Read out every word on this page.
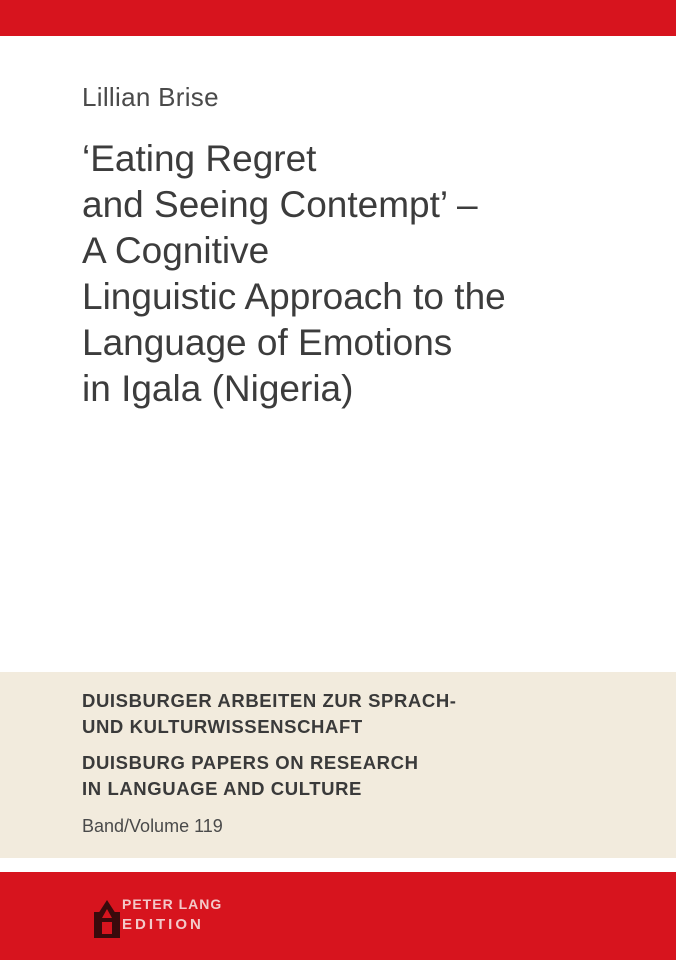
Lillian Brise
‘Eating Regret
and Seeing Contempt’ –
A Cognitive
Linguistic Approach to the
Language of Emotions
in Igala (Nigeria)
DUISBURGER ARBEITEN ZUR SPRACH-
UND KULTURWISSENSCHAFT
DUISBURG PAPERS ON RESEARCH
IN LANGUAGE AND CULTURE
Band/Volume 119
PETER LANG
EDITION
